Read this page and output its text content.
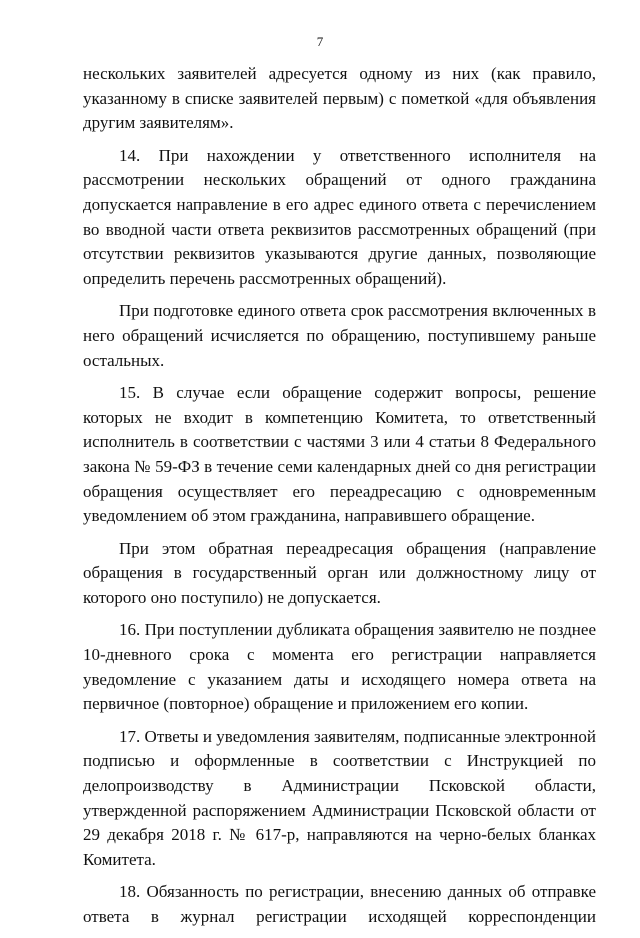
7

нескольких заявителей адресуется одному из них (как правило, указанному в списке заявителей первым) с пометкой «для объявления другим заявителям».

14. При нахождении у ответственного исполнителя на рассмотрении нескольких обращений от одного гражданина допускается направление в его адрес единого ответа с перечислением во вводной части ответа реквизитов рассмотренных обращений (при отсутствии реквизитов указываются другие данных, позволяющие определить перечень рассмотренных обращений).

При подготовке единого ответа срок рассмотрения включенных в него обращений исчисляется по обращению, поступившему раньше остальных.

15. В случае если обращение содержит вопросы, решение которых не входит в компетенцию Комитета, то ответственный исполнитель в соответствии с частями 3 или 4 статьи 8 Федерального закона № 59-ФЗ в течение семи календарных дней со дня регистрации обращения осуществляет его переадресацию с одновременным уведомлением об этом гражданина, направившего обращение.

При этом обратная переадресация обращения (направление обращения в государственный орган или должностному лицу от которого оно поступило) не допускается.

16. При поступлении дубликата обращения заявителю не позднее 10-дневного срока с момента его регистрации направляется уведомление с указанием даты и исходящего номера ответа на первичное (повторное) обращение и приложением его копии.

17. Ответы и уведомления заявителям, подписанные электронной подписью и оформленные в соответствии с Инструкцией по делопроизводству в Администрации Псковской области, утвержденной распоряжением Администрации Псковской области от 29 декабря 2018 г. № 617-р, направляются на черно-белых бланках Комитета.

18. Обязанность по регистрации, внесению данных об отправке ответа в журнал регистрации исходящей корреспонденции
